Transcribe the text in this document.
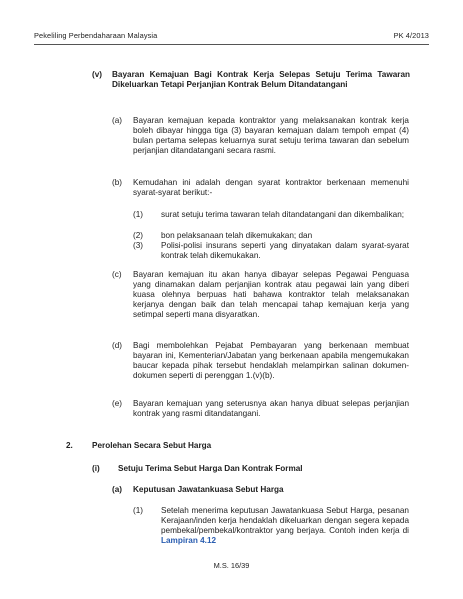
Pekeliling Perbendaharaan Malaysia	PK 4/2013
(v) Bayaran Kemajuan Bagi Kontrak Kerja Selepas Setuju Terima Tawaran Dikeluarkan Tetapi Perjanjian Kontrak Belum Ditandatangani
(a) Bayaran kemajuan kepada kontraktor yang melaksanakan kontrak kerja boleh dibayar hingga tiga (3) bayaran kemajuan dalam tempoh empat (4) bulan pertama selepas keluarnya surat setuju terima tawaran dan sebelum perjanjian ditandatangani secara rasmi.
(b) Kemudahan ini adalah dengan syarat kontraktor berkenaan memenuhi syarat-syarat berikut:-
(1) surat setuju terima tawaran telah ditandatangani dan dikembalikan;
(2) bon pelaksanaan telah dikemukakan; dan
(3) Polisi-polisi insurans seperti yang dinyatakan dalam syarat-syarat kontrak telah dikemukakan.
(c) Bayaran kemajuan itu akan hanya dibayar selepas Pegawai Penguasa yang dinamakan dalam perjanjian kontrak atau pegawai lain yang diberi kuasa olehnya berpuas hati bahawa kontraktor telah melaksanakan kerjanya dengan baik dan telah mencapai tahap kemajuan kerja yang setimpal seperti mana disyaratkan.
(d) Bagi membolehkan Pejabat Pembayaran yang berkenaan membuat bayaran ini, Kementerian/Jabatan yang berkenaan apabila mengemukakan baucar kepada pihak tersebut hendaklah melampirkan salinan dokumen-dokumen seperti di perenggan 1.(v)(b).
(e) Bayaran kemajuan yang seterusnya akan hanya dibuat selepas perjanjian kontrak yang rasmi ditandatangani.
2. Perolehan Secara Sebut Harga
(i) Setuju Terima Sebut Harga Dan Kontrak Formal
(a) Keputusan Jawatankuasa Sebut Harga
(1) Setelah menerima keputusan Jawatankuasa Sebut Harga, pesanan Kerajaan/inden kerja hendaklah dikeluarkan dengan segera kepada pembekal/pembekal/kontraktor yang berjaya. Contoh inden kerja di Lampiran 4.12
M.S. 16/39
